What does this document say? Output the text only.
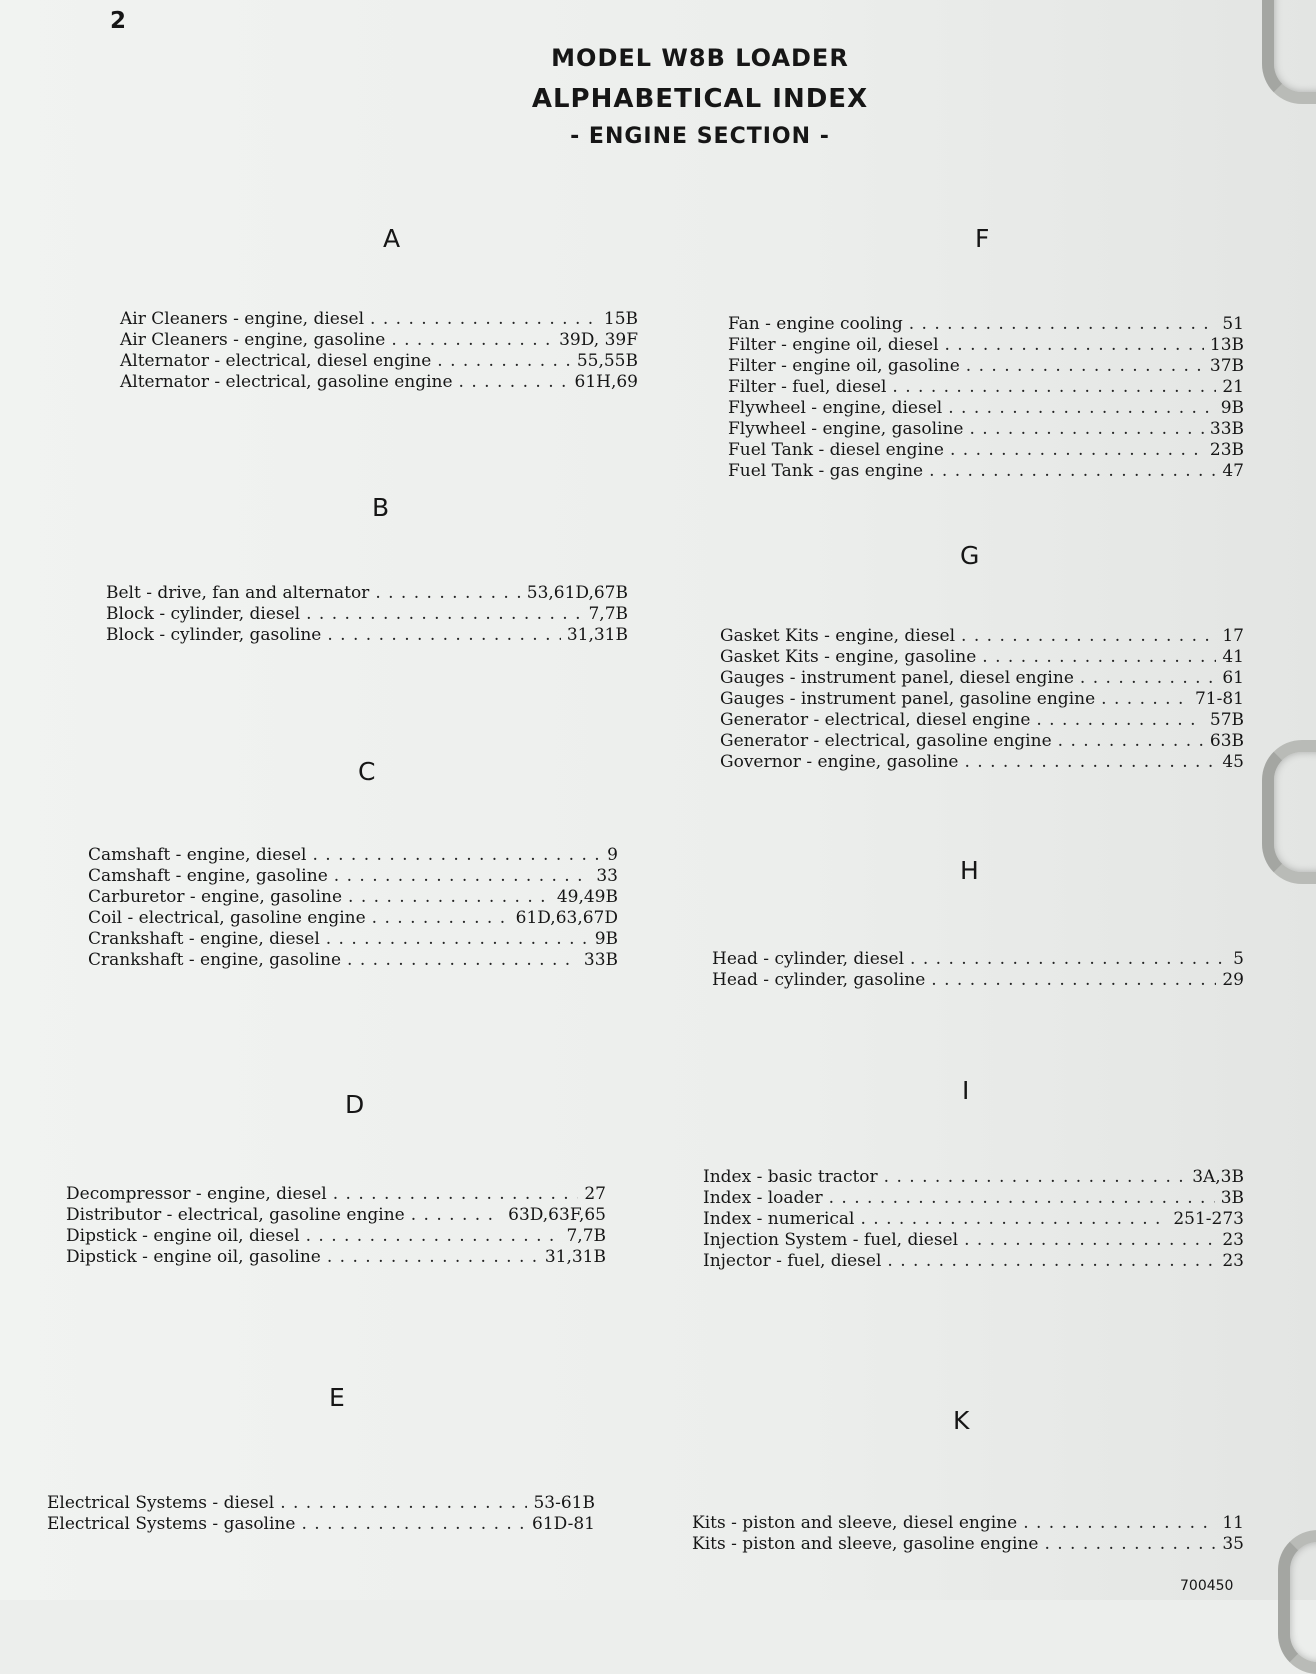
2
MODEL W8B LOADER
ALPHABETICAL INDEX
- ENGINE SECTION -
A
Air Cleaners - engine, diesel . . .	15B
Air Cleaners - engine, gasoline . . .	39D, 39F
Alternator - electrical, diesel engine . . .	55,55B
Alternator - electrical, gasoline engine . . .	61H,69
B
Belt - drive, fan and alternator . . .	53,61D,67B
Block - cylinder, diesel . . .	7,7B
Block - cylinder, gasoline . . .	31,31B
C
Camshaft - engine, diesel . . .	9
Camshaft - engine, gasoline . . .	33
Carburetor - engine, gasoline . . .	49,49B
Coil - electrical, gasoline engine . . .	61D,63,67D
Crankshaft - engine, diesel . . .	9B
Crankshaft - engine, gasoline . . .	33B
D
Decompressor - engine, diesel . . .	27
Distributor - electrical, gasoline engine . . .	63D,63F,65
Dipstick - engine oil, diesel . . .	7,7B
Dipstick - engine oil, gasoline . . .	31,31B
E
Electrical Systems - diesel . . .	53-61B
Electrical Systems - gasoline . . .	61D-81
F
Fan - engine cooling . . .	51
Filter - engine oil, diesel . . .	13B
Filter - engine oil, gasoline . . .	37B
Filter - fuel, diesel . . .	21
Flywheel - engine, diesel . . .	9B
Flywheel - engine, gasoline . . .	33B
Fuel Tank - diesel engine . . .	23B
Fuel Tank - gas engine . . .	47
G
Gasket Kits - engine, diesel . . .	17
Gasket Kits - engine, gasoline . . .	41
Gauges - instrument panel, diesel engine . . .	61
Gauges - instrument panel, gasoline engine . . .	71-81
Generator - electrical, diesel engine . . .	57B
Generator - electrical, gasoline engine . . .	63B
Governor - engine, gasoline . . .	45
H
Head - cylinder, diesel . . .	5
Head - cylinder, gasoline . . .	29
I
Index - basic tractor . . .	3A,3B
Index - loader . . .	3B
Index - numerical . . .	251-273
Injection System - fuel, diesel . . .	23
Injector - fuel, diesel . . .	23
K
Kits - piston and sleeve, diesel engine . . .	11
Kits - piston and sleeve, gasoline engine . . .	35
700450
